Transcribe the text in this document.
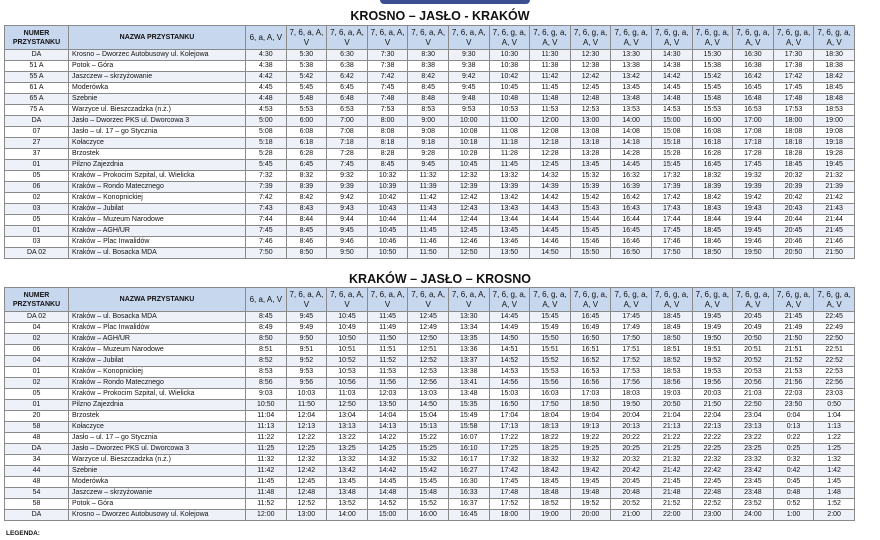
KROSNO – JASŁO - KRAKÓW
NUMER PRZYSTANKU	NAZWA PRZYSTANKU	6, a, A, V	7, 6, a, A, V	7, 6, a, A, V	7, 6, a, A, V	7, 6, a, A, V	7, 6, a, A, V	7, 6, g, a, A, V	7, 6, g, a, A, V	7, 6, g, a, A, V	7, 6, g, a, A, V	7, 6, g, a, A, V	7, 6, g, a, A, V	7, 6, g, a, A, V	7, 6, g, a, A, V	7, 6, g, a, A, V
DA	Krosno – Dworzec Autobusowy ul. Kolejowa	4:30	5:30	6:30	7:30	8:30	9:30	10:30	11:30	12:30	13:30	14:30	15:30	16:30	17:30	18:30
51 A	Potok – Góra	4:38	5:38	6:38	7:38	8:38	9:38	10:38	11:38	12:38	13:38	14:38	15:38	16:38	17:38	18:38
55 A	Jaszczew – skrzyżowanie	4:42	5:42	6:42	7:42	8:42	9:42	10:42	11:42	12:42	13:42	14:42	15:42	16:42	17:42	18:42
61 A	Moderówka	4:45	5:45	6:45	7:45	8:45	9:45	10:45	11:45	12:45	13:45	14:45	15:45	16:45	17:45	18:45
65 A	Szebnie	4:48	5:48	6:48	7:48	8:48	9:48	10:48	11:48	12:48	13:48	14:48	15:48	16:48	17:48	18:48
75 A	Warzyce ul. Bieszczadzka (n.ż.)	4:53	5:53	6:53	7:53	8:53	9:53	10:53	11:53	12:53	13:53	14:53	15:53	16:53	17:53	18:53
DA	Jasło – Dworzec PKS ul. Dworcowa 3	5:00	6:00	7:00	8:00	9:00	10:00	11:00	12:00	13:00	14:00	15:00	16:00	17:00	18:00	19:00
07	Jasło – ul. 17 – go Stycznia	5:08	6:08	7:08	8:08	9:08	10:08	11:08	12:08	13:08	14:08	15:08	16:08	17:08	18:08	19:08
27	Kołaczyce	5:18	6:18	7:18	8:18	9:18	10:18	11:18	12:18	13:18	14:18	15:18	16:18	17:18	18:18	19:18
37	Brzostek	5:28	6:28	7:28	8:28	9:28	10:28	11:28	12:28	13:28	14:28	15:28	16:28	17:28	18:28	19:28
01	Pilzno Zajezdnia	5:45	6:45	7:45	8:45	9:45	10:45	11:45	12:45	13:45	14:45	15:45	16:45	17:45	18:45	19:45
05	Kraków – Prokocim Szpital, ul. Wielicka	7:32	8:32	9:32	10:32	11:32	12:32	13:32	14:32	15:32	16:32	17:32	18:32	19:32	20:32	21:32
06	Kraków – Rondo Matecznego	7:39	8:39	9:39	10:39	11:39	12:39	13:39	14:39	15:39	16:39	17:39	18:39	19:39	20:39	21:39
02	Kraków – Konopnickiej	7:42	8:42	9:42	10:42	11:42	12:42	13:42	14:42	15:42	16:42	17:42	18:42	19:42	20:42	21:42
03	Kraków – Jubilat	7:43	8:43	9:43	10:43	11:43	12:43	13:43	14:43	15:43	16:43	17:43	18:43	19:43	20:43	21:43
05	Kraków – Muzeum Narodowe	7:44	8:44	9:44	10:44	11:44	12:44	13:44	14:44	15:44	16:44	17:44	18:44	19:44	20:44	21:44
01	Kraków – AGH/UR	7:45	8:45	9:45	10:45	11:45	12:45	13:45	14:45	15:45	16:45	17:45	18:45	19:45	20:45	21:45
03	Kraków – Plac Inwalidów	7:46	8:46	9:46	10:46	11:46	12:46	13:46	14:46	15:46	16:46	17:46	18:46	19:46	20:46	21:46
DA 02	Kraków – ul. Bosacka MDA	7:50	8:50	9:50	10:50	11:50	12:50	13:50	14:50	15:50	16:50	17:50	18:50	19:50	20:50	21:50
KRAKÓW – JASŁO – KROSNO
NUMER PRZYSTANKU	NAZWA PRZYSTANKU	6, a, A, V	7, 6, a, A, V	7, 6, a, A, V	7, 6, a, A, V	7, 6, a, A, V	7, 6, a, A, V	7, 6, g, a, A, V	7, 6, g, a, A, V	7, 6, g, a, A, V	7, 6, g, a, A, V	7, 6, g, a, A, V	7, 6, g, a, A, V	7, 6, g, a, A, V	7, 6, g, a, A, V	7, 6, g, a, A, V
DA 02	Kraków – ul. Bosacka MDA	8:45	9:45	10:45	11:45	12:45	13:30	14:45	15:45	16:45	17:45	18:45	19:45	20:45	21:45	22:45
04	Kraków – Plac Inwalidów	8:49	9:49	10:49	11:49	12:49	13:34	14:49	15:49	16:49	17:49	18:49	19:49	20:49	21:49	22:49
02	Kraków – AGH/UR	8:50	9:50	10:50	11:50	12:50	13:35	14:50	15:50	16:50	17:50	18:50	19:50	20:50	21:50	22:50
06	Kraków – Muzeum Narodowe	8:51	9:51	10:51	11:51	12:51	13:36	14:51	15:51	16:51	17:51	18:51	19:51	20:51	21:51	22:51
04	Kraków – Jubilat	8:52	9:52	10:52	11:52	12:52	13:37	14:52	15:52	16:52	17:52	18:52	19:52	20:52	21:52	22:52
01	Kraków – Konopnickiej	8:53	9:53	10:53	11:53	12:53	13:38	14:53	15:53	16:53	17:53	18:53	19:53	20:53	21:53	22:53
02	Kraków – Rondo Matecznego	8:56	9:56	10:56	11:56	12:56	13:41	14:56	15:56	16:56	17:56	18:56	19:56	20:56	21:56	22:56
05	Kraków – Prokocim Szpital, ul. Wielicka	9:03	10:03	11:03	12:03	13:03	13:48	15:03	16:03	17:03	18:03	19:03	20:03	21:03	22:03	23:03
01	Pilzno Zajezdnia	10:50	11:50	12:50	13:50	14:50	15:35	16:50	17:50	18:50	19:50	20:50	21:50	22:50	23:50	0:50
20	Brzostek	11:04	12:04	13:04	14:04	15:04	15:49	17:04	18:04	19:04	20:04	21:04	22:04	23:04	0:04	1:04
58	Kołaczyce	11:13	12:13	13:13	14:13	15:13	15:58	17:13	18:13	19:13	20:13	21:13	22:13	23:13	0:13	1:13
48	Jasło – ul. 17 – go Stycznia	11:22	12:22	13:22	14:22	15:22	16:07	17:22	18:22	19:22	20:22	21:22	22:22	23:22	0:22	1:22
DA	Jasło – Dworzec PKS ul. Dworcowa 3	11:25	12:25	13:25	14:25	15:25	16:10	17:25	18:25	19:25	20:25	21:25	22:25	23:25	0:25	1:25
34	Warzyce ul. Bieszczadzka (n.ż.)	11:32	12:32	13:32	14:32	15:32	16:17	17:32	18:32	19:32	20:32	21:32	22:32	23:32	0:32	1:32
44	Szebnie	11:42	12:42	13:42	14:42	15:42	16:27	17:42	18:42	19:42	20:42	21:42	22:42	23:42	0:42	1:42
48	Moderówka	11:45	12:45	13:45	14:45	15:45	16:30	17:45	18:45	19:45	20:45	21:45	22:45	23:45	0:45	1:45
54	Jaszczew – skrzyżowanie	11:48	12:48	13:48	14:48	15:48	16:33	17:48	18:48	19:48	20:48	21:48	22:48	23:48	0:48	1:48
58	Potok – Góra	11:52	12:52	13:52	14:52	15:52	16:37	17:52	18:52	19:52	20:52	21:52	22:52	23:52	0:52	1:52
DA	Krosno – Dworzec Autobusowy ul. Kolejowa	12:00	13:00	14:00	15:00	16:00	16:45	18:00	19:00	20:00	21:00	22:00	23:00	24:00	1:00	2:00
LEGENDA:
